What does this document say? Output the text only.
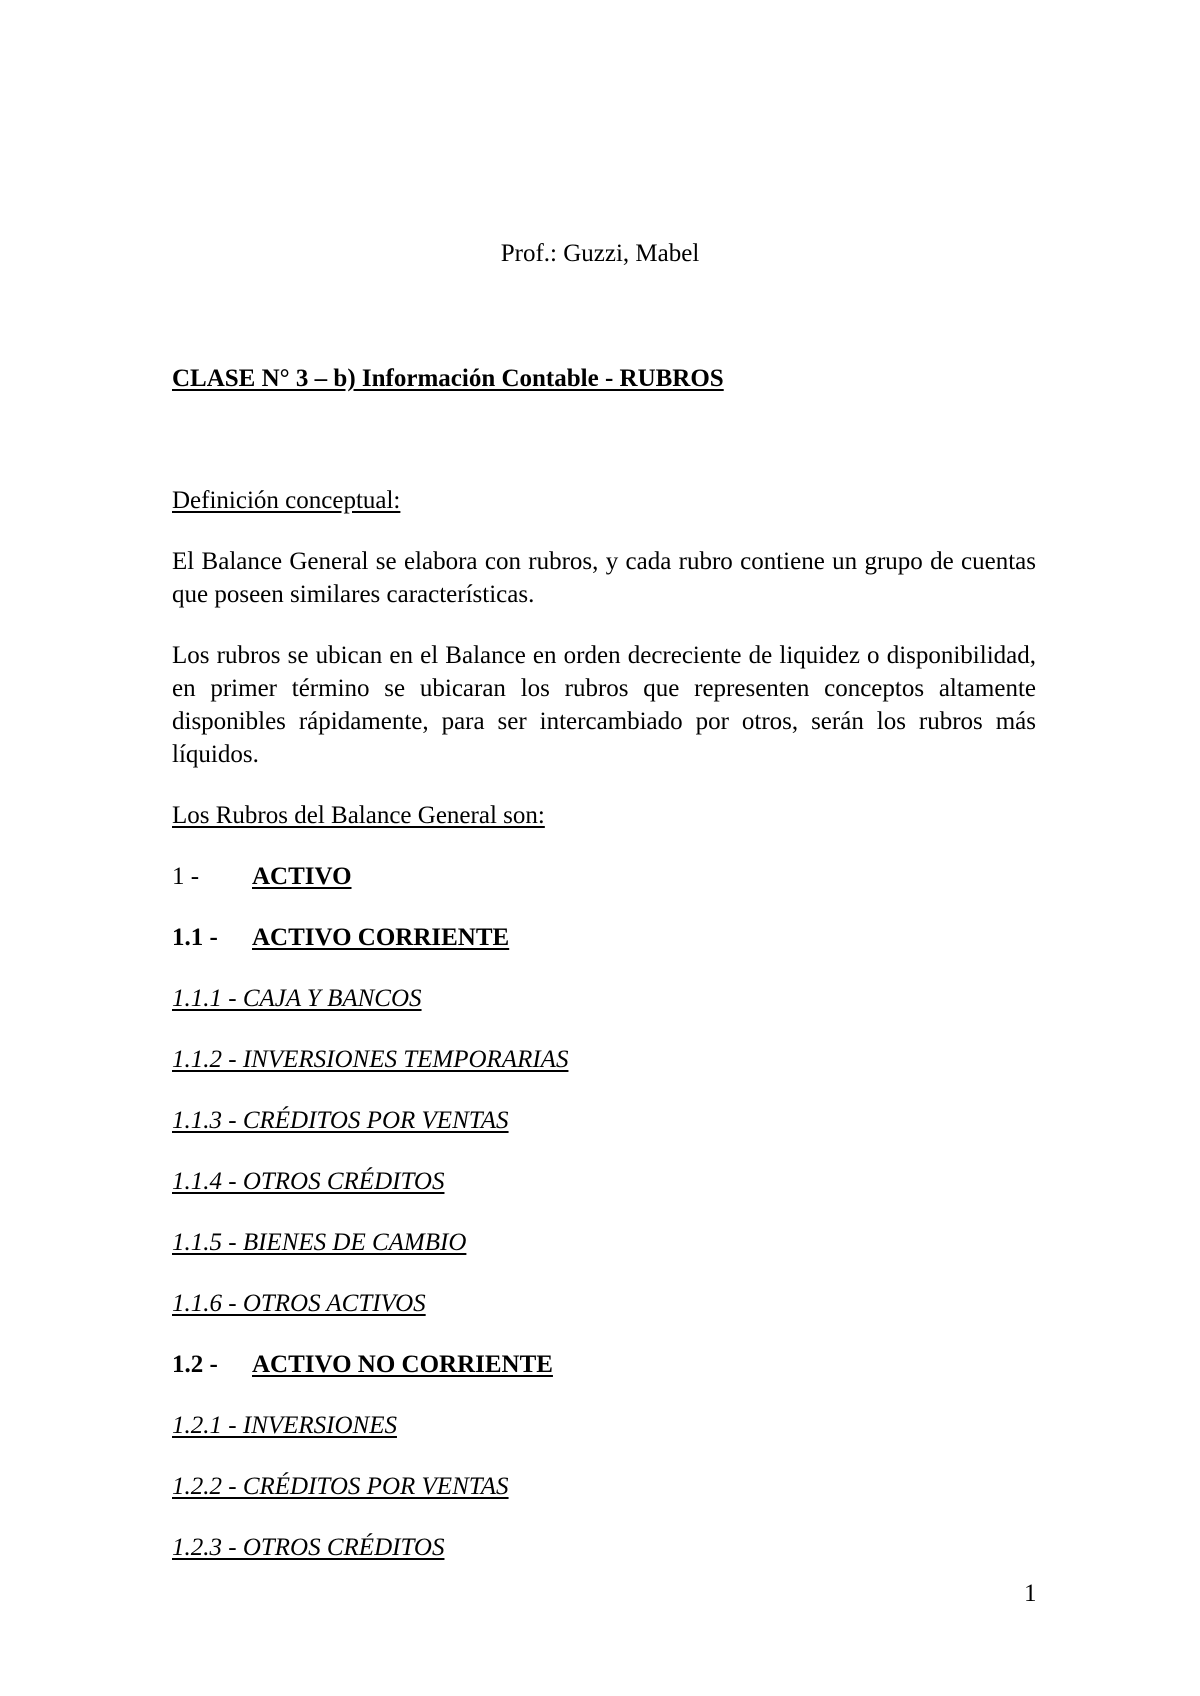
Prof.: Guzzi, Mabel
CLASE N° 3 – b) Información Contable - RUBROS
Definición conceptual:
El Balance General se elabora con rubros, y cada rubro contiene un grupo de cuentas que poseen similares características.
Los rubros se ubican en el Balance en orden decreciente de liquidez o disponibilidad, en primer término se ubicaran los rubros que representen conceptos altamente disponibles rápidamente, para ser intercambiado por otros, serán los rubros más líquidos.
Los Rubros del Balance General son:
1 - ACTIVO
1.1 - ACTIVO CORRIENTE
1.1.1 - CAJA Y BANCOS
1.1.2 - INVERSIONES TEMPORARIAS
1.1.3 - CRÉDITOS POR VENTAS
1.1.4 - OTROS CRÉDITOS
1.1.5 - BIENES DE CAMBIO
1.1.6 - OTROS ACTIVOS
1.2 - ACTIVO NO CORRIENTE
1.2.1 - INVERSIONES
1.2.2 - CRÉDITOS POR VENTAS
1.2.3 - OTROS CRÉDITOS
1
